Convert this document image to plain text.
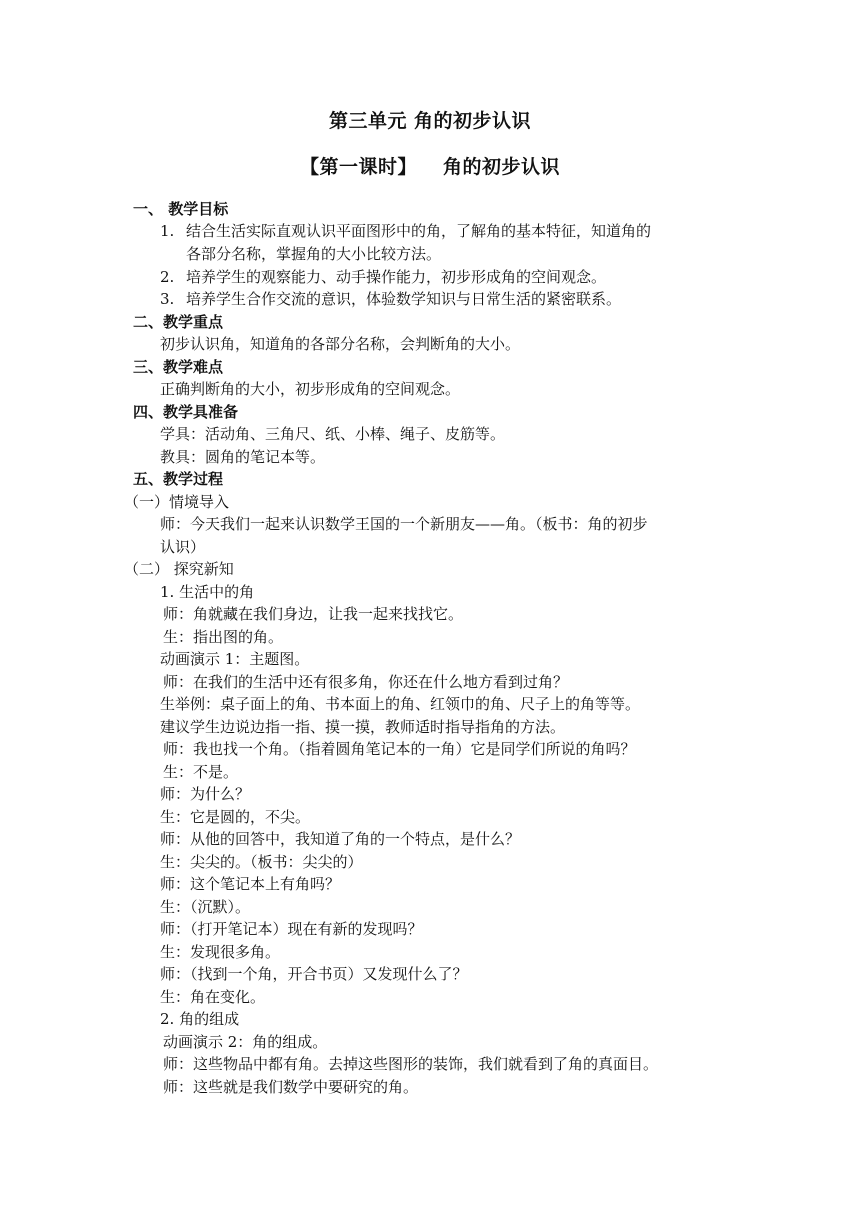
第三单元 角的初步认识
【第一课时】 角的初步认识
一、 教学目标
1. 结合生活实际直观认识平面图形中的角，了解角的基本特征，知道角的
各部分名称，掌握角的大小比较方法。
2. 培养学生的观察能力、动手操作能力，初步形成角的空间观念。
3. 培养学生合作交流的意识，体验数学知识与日常生活的紧密联系。
二、教学重点
初步认识角，知道角的各部分名称，会判断角的大小。
三、教学难点
正确判断角的大小，初步形成角的空间观念。
四、教学具准备
学具：活动角、三角尺、纸、小棒、绳子、皮筋等。
教具：圆角的笔记本等。
五、教学过程
（一）情境导入
师：今天我们一起来认识数学王国的一个新朋友——角。（板书：角的初步
认识）
（二） 探究新知
1. 生活中的角
师：角就藏在我们身边，让我一起来找找它。
生：指出图的角。
动画演示 1：主题图。
师：在我们的生活中还有很多角，你还在什么地方看到过角？
生举例：桌子面上的角、书本面上的角、红领巾的角、尺子上的角等等。
建议学生边说边指一指、摸一摸，教师适时指导指角的方法。
师：我也找一个角。（指着圆角笔记本的一角）它是同学们所说的角吗？
生：不是。
师：为什么？
生：它是圆的，不尖。
师：从他的回答中，我知道了角的一个特点，是什么？
生：尖尖的。（板书：尖尖的）
师：这个笔记本上有角吗？
生：（沉默）。
师：（打开笔记本）现在有新的发现吗？
生：发现很多角。
师：（找到一个角，开合书页）又发现什么了？
生：角在变化。
2. 角的组成
动画演示 2：角的组成。
师：这些物品中都有角。去掉这些图形的装饰，我们就看到了角的真面目。
师：这些就是我们数学中要研究的角。
